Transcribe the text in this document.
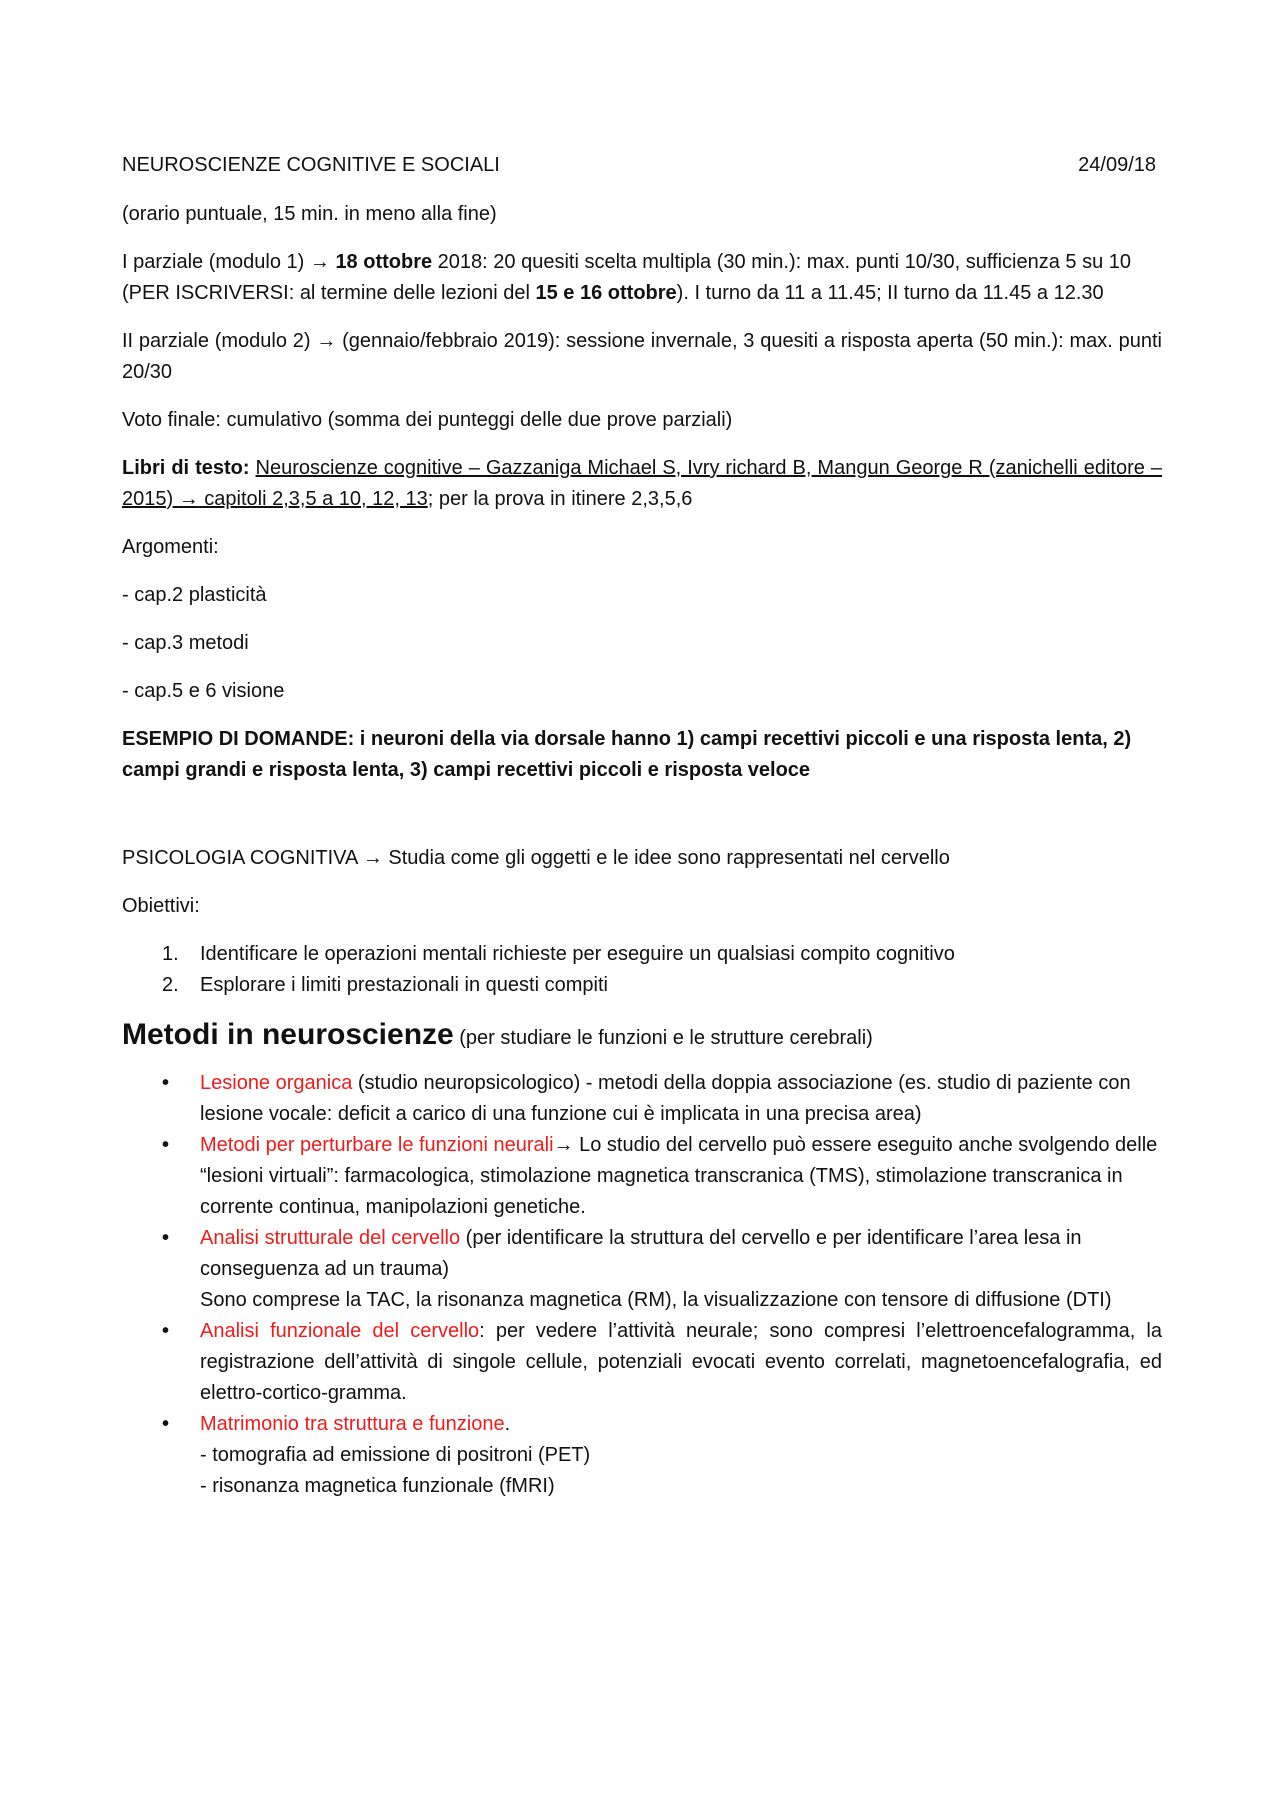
NEUROSCIENZE COGNITIVE E SOCIALI	24/09/18

(orario puntuale, 15 min. in meno alla fine)

I parziale (modulo 1) → 18 ottobre 2018: 20 quesiti scelta multipla (30 min.): max. punti 10/30, sufficienza 5 su 10 (PER ISCRIVERSI: al termine delle lezioni del 15 e 16 ottobre). I turno da 11 a 11.45; II turno da 11.45 a 12.30

II parziale (modulo 2) → (gennaio/febbraio 2019): sessione invernale, 3 quesiti a risposta aperta (50 min.): max. punti 20/30

Voto finale: cumulativo (somma dei punteggi delle due prove parziali)

Libri di testo: Neuroscienze cognitive – Gazzaniga Michael S, Ivry richard B, Mangun George R (zanichelli editore – 2015) → capitoli 2,3,5 a 10, 12, 13; per la prova in itinere 2,3,5,6

Argomenti:

- cap.2 plasticità

- cap.3 metodi

- cap.5 e 6 visione

ESEMPIO DI DOMANDE: i neuroni della via dorsale hanno 1) campi recettivi piccoli e una risposta lenta, 2) campi grandi e risposta lenta, 3) campi recettivi piccoli e risposta veloce

PSICOLOGIA COGNITIVA → Studia come gli oggetti e le idee sono rappresentati nel cervello

Obiettivi:

1. Identificare le operazioni mentali richieste per eseguire un qualsiasi compito cognitivo
2. Esplorare i limiti prestazionali in questi compiti
Metodi in neuroscienze (per studiare le funzioni e le strutture cerebrali)
• Lesione organica (studio neuropsicologico) - metodi della doppia associazione (es. studio di paziente con lesione vocale: deficit a carico di una funzione cui è implicata in una precisa area)
• Metodi per perturbare le funzioni neurali→ Lo studio del cervello può essere eseguito anche svolgendo delle “lesioni virtuali”: farmacologica, stimolazione magnetica transcranica (TMS), stimolazione transcranica in corrente continua, manipolazioni genetiche.
• Analisi strutturale del cervello (per identificare la struttura del cervello e per identificare l’area lesa in conseguenza ad un trauma)
Sono comprese la TAC, la risonanza magnetica (RM), la visualizzazione con tensore di diffusione (DTI)
• Analisi funzionale del cervello: per vedere l’attività neurale; sono compresi l’elettroencefalogramma, la registrazione dell’attività di singole cellule, potenziali evocati evento correlati, magnetoencefalografia, ed elettro-cortico-gramma.
• Matrimonio tra struttura e funzione.
- tomografia ad emissione di positroni (PET)
- risonanza magnetica funzionale (fMRI)
